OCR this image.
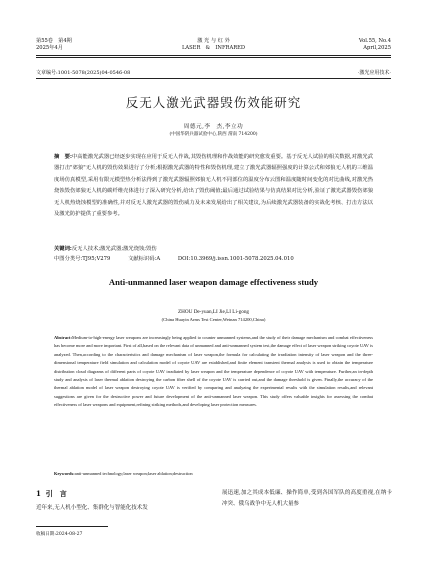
第55卷　第4期
2025年4月
激 光 与 红 外
LASER　&　INFRARED
Vol.55, No.4
April,2025
文章编号:1001-5078(2025)04-0546-08	·激光应用技术·
反无人激光武器毁伤效能研究
周德元,李　杰,李立功
(中国华阴兵器试验中心,陕西 渭南 714200)
摘　要:中高能激光武器已经逐步实现在应用于反无人作战,其毁伤机理和作战效能的研究愈发重要。基于反无人试验的相关数据,对激光武器打击"郊狼"无人机的毁伤效果进行了分析;根据激光武器的特性和毁伤机理,建立了激光武器辐照强度的计算公式和郊狼无人机的三维温度场仿真模型,采用有限元模型热分析法得到了激光武器辐照郊狼无人机不同部位的温度分布云图和温度随时间变化的对比曲线,对激光热烧蚀毁伤郊狼无人机的碳纤维壳体进行了深入研究分析,给出了毁伤阈值;最后通过试验结果与仿真结果对比分析,验证了激光武器毁伤郊狼无人机热烧蚀模型的准确性,并对反无人激光武器的毁伤威力及未来发展给出了相关建议,为后续激光武器装备的实战化考核、打击方法以及激光防护提供了重要参考。
关键词:反无人技术;激光武器;激光烧蚀;毁伤
中图分类号:TJ95;V279	文献标识码:A	DOI:10.3969/j.issn.1001-5078.2025.04.010
Anti-unmanned laser weapon damage effectiveness study
ZHOU De-yuan,LI Jie,LI Li-gong
(China Huayin Arms Test Center,Weinan 714200,China)
Abstract:Medium-to-high-energy laser weapons are increasingly being applied to counter unmanned systems,and the study of their damage mechanism and combat effectiveness has become more and more important. First of all,based on the relevant data of unmanned and anti-unmanned system test,the damage effect of laser weapon striking coyote UAV is analyzed. Then,according to the characteristics and damage mechanism of laser weapon,the formula for calculating the irradiation intensity of laser weapon and the three-dimensional temperature field simulation and calculation model of coyote UAV are established,and finite element transient thermal analysis is used to obtain the temperature distribution cloud diagrams of different parts of coyote UAV irradiated by laser weapon and the temperature dependence of coyote UAV with temperature. Further,an in-depth study and analysis of laser thermal ablation destroying the carbon fiber shell of the coyote UAV is carried out,and the damage threshold is given. Finally,the accuracy of the thermal ablation model of laser weapon destroying coyote UAV is verified by comparing and analyzing the experimental results with the simulation results,and relevant suggestions are given for the destructive power and future development of the anti-unmanned laser weapon. This study offers valuable insights for assessing the combat effectiveness of laser weapons and equipment,refining striking methods,and developing laser protection measures.
Keywords:anti-unmanned technology;laser weapon;laser ablation;destruction
1 引　言
近年来,无人机小型化、集群化与智能化技术发
收稿日期:2024-08-27
展迅速,加之其成本低廉、操作简单,受到各国军队的高度重视,在纳卡冲突、俄乌战争中无人机大量参
